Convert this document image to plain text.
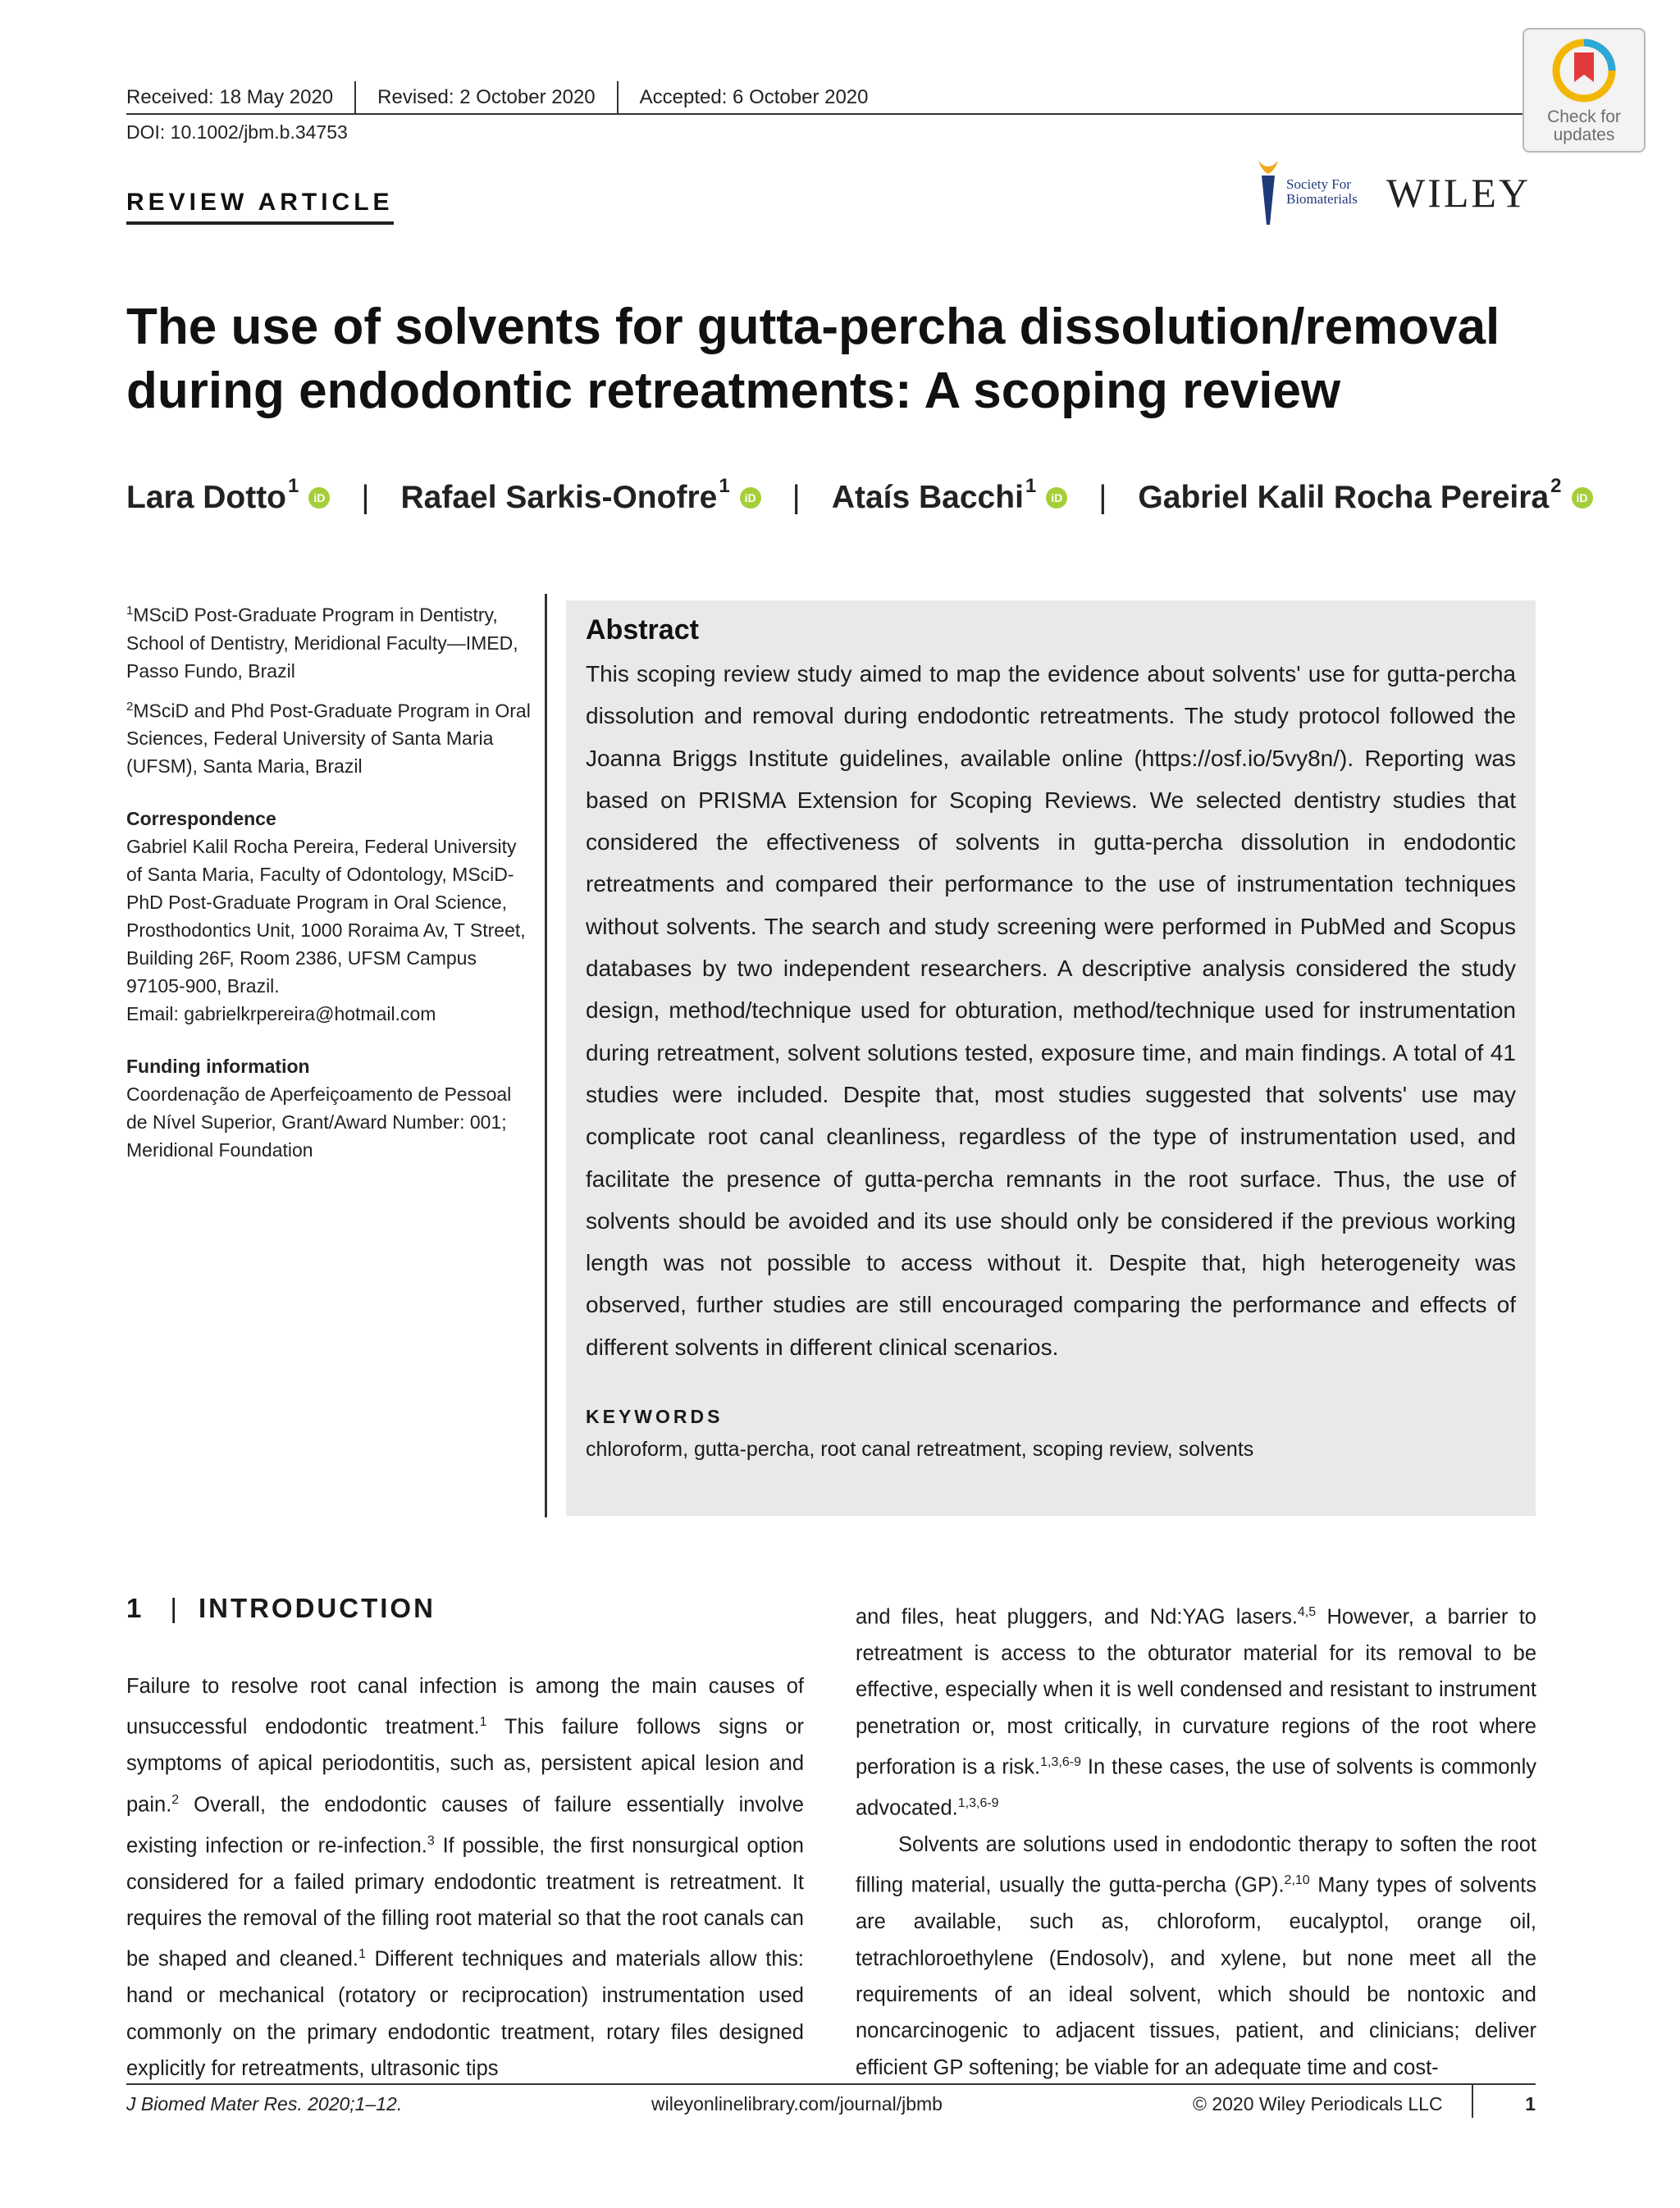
Received: 18 May 2020	Revised: 2 October 2020	Accepted: 6 October 2020
DOI: 10.1002/jbm.b.34753
Check for
updates
REVIEW ARTICLE
Society For
Biomaterials WILEY
The use of solvents for gutta-percha dissolution/removal during endodontic retreatments: A scoping review
Lara Dotto$^1$
iD | Rafael Sarkis-Onofre$^1$
iD | Ataís Bacchi$^1$
iD | Gabriel Kalil Rocha Pereira$^2$
iD
$^1$MSciD Post-Graduate Program in Dentistry, School of Dentistry, Meridional Faculty—IMED, Passo Fundo, Brazil
$^2$MSciD and Phd Post-Graduate Program in Oral Sciences, Federal University of Santa Maria (UFSM), Santa Maria, Brazil
Correspondence
Gabriel Kalil Rocha Pereira, Federal University of Santa Maria, Faculty of Odontology, MSciD-PhD Post-Graduate Program in Oral Science, Prosthodontics Unit, 1000 Roraima Av, T Street, Building 26F, Room 2386, UFSM Campus 97105-900, Brazil.
Email: gabrielkrpereira@hotmail.com
Funding information
Coordenação de Aperfeiçoamento de Pessoal de Nível Superior, Grant/Award Number: 001; Meridional Foundation
Abstract

This scoping review study aimed to map the evidence about solvents' use for gutta-percha dissolution and removal during endodontic retreatments. The study protocol followed the Joanna Briggs Institute guidelines, available online (https://osf.io/5vy8n/). Reporting was based on PRISMA Extension for Scoping Reviews. We selected dentistry studies that considered the effectiveness of solvents in gutta-percha dissolution in endodontic retreatments and compared their performance to the use of instrumentation techniques without solvents. The search and study screening were performed in PubMed and Scopus databases by two independent researchers. A descriptive analysis considered the study design, method/technique used for obturation, method/technique used for instrumentation during retreatment, solvent solutions tested, exposure time, and main findings. A total of 41 studies were included. Despite that, most studies suggested that solvents' use may complicate root canal cleanliness, regardless of the type of instrumentation used, and facilitate the presence of gutta-percha remnants in the root surface. Thus, the use of solvents should be avoided and its use should only be considered if the previous working length was not possible to access without it. Despite that, high heterogeneity was observed, further studies are still encouraged comparing the performance and effects of different solvents in different clinical scenarios.

KEYWORDS
chloroform, gutta-percha, root canal retreatment, scoping review, solvents
1 | INTRODUCTION

Failure to resolve root canal infection is among the main causes of unsuccessful endodontic treatment.$^1$ This failure follows signs or symptoms of apical periodontitis, such as, persistent apical lesion and pain.$^2$ Overall, the endodontic causes of failure essentially involve existing infection or re-infection.$^3$ If possible, the first nonsurgical option considered for a failed primary endodontic treatment is retreatment. It requires the removal of the filling root material so that the root canals can be shaped and cleaned.$^1$ Different techniques and materials allow this: hand or mechanical (rotatory or reciprocation) instrumentation used commonly on the primary endodontic treatment, rotary files designed explicitly for retreatments, ultrasonic tips

and files, heat pluggers, and Nd:YAG lasers.$^{4,5}$ However, a barrier to retreatment is access to the obturator material for its removal to be effective, especially when it is well condensed and resistant to instrument penetration or, most critically, in curvature regions of the root where perforation is a risk.$^{1,3,6-9}$ In these cases, the use of solvents is commonly advocated.$^{1,3,6-9}$

Solvents are solutions used in endodontic therapy to soften the root filling material, usually the gutta-percha (GP).$^{2,10}$ Many types of solvents are available, such as, chloroform, eucalyptol, orange oil, tetrachloroethylene (Endosolv), and xylene, but none meet all the requirements of an ideal solvent, which should be nontoxic and noncarcinogenic to adjacent tissues, patient, and clinicians; deliver efficient GP softening; be viable for an adequate time and cost-

J Biomed Mater Res. 2020;1–12.	wileyonlinelibrary.com/journal/jbmb	© 2020 Wiley Periodicals LLC	1
